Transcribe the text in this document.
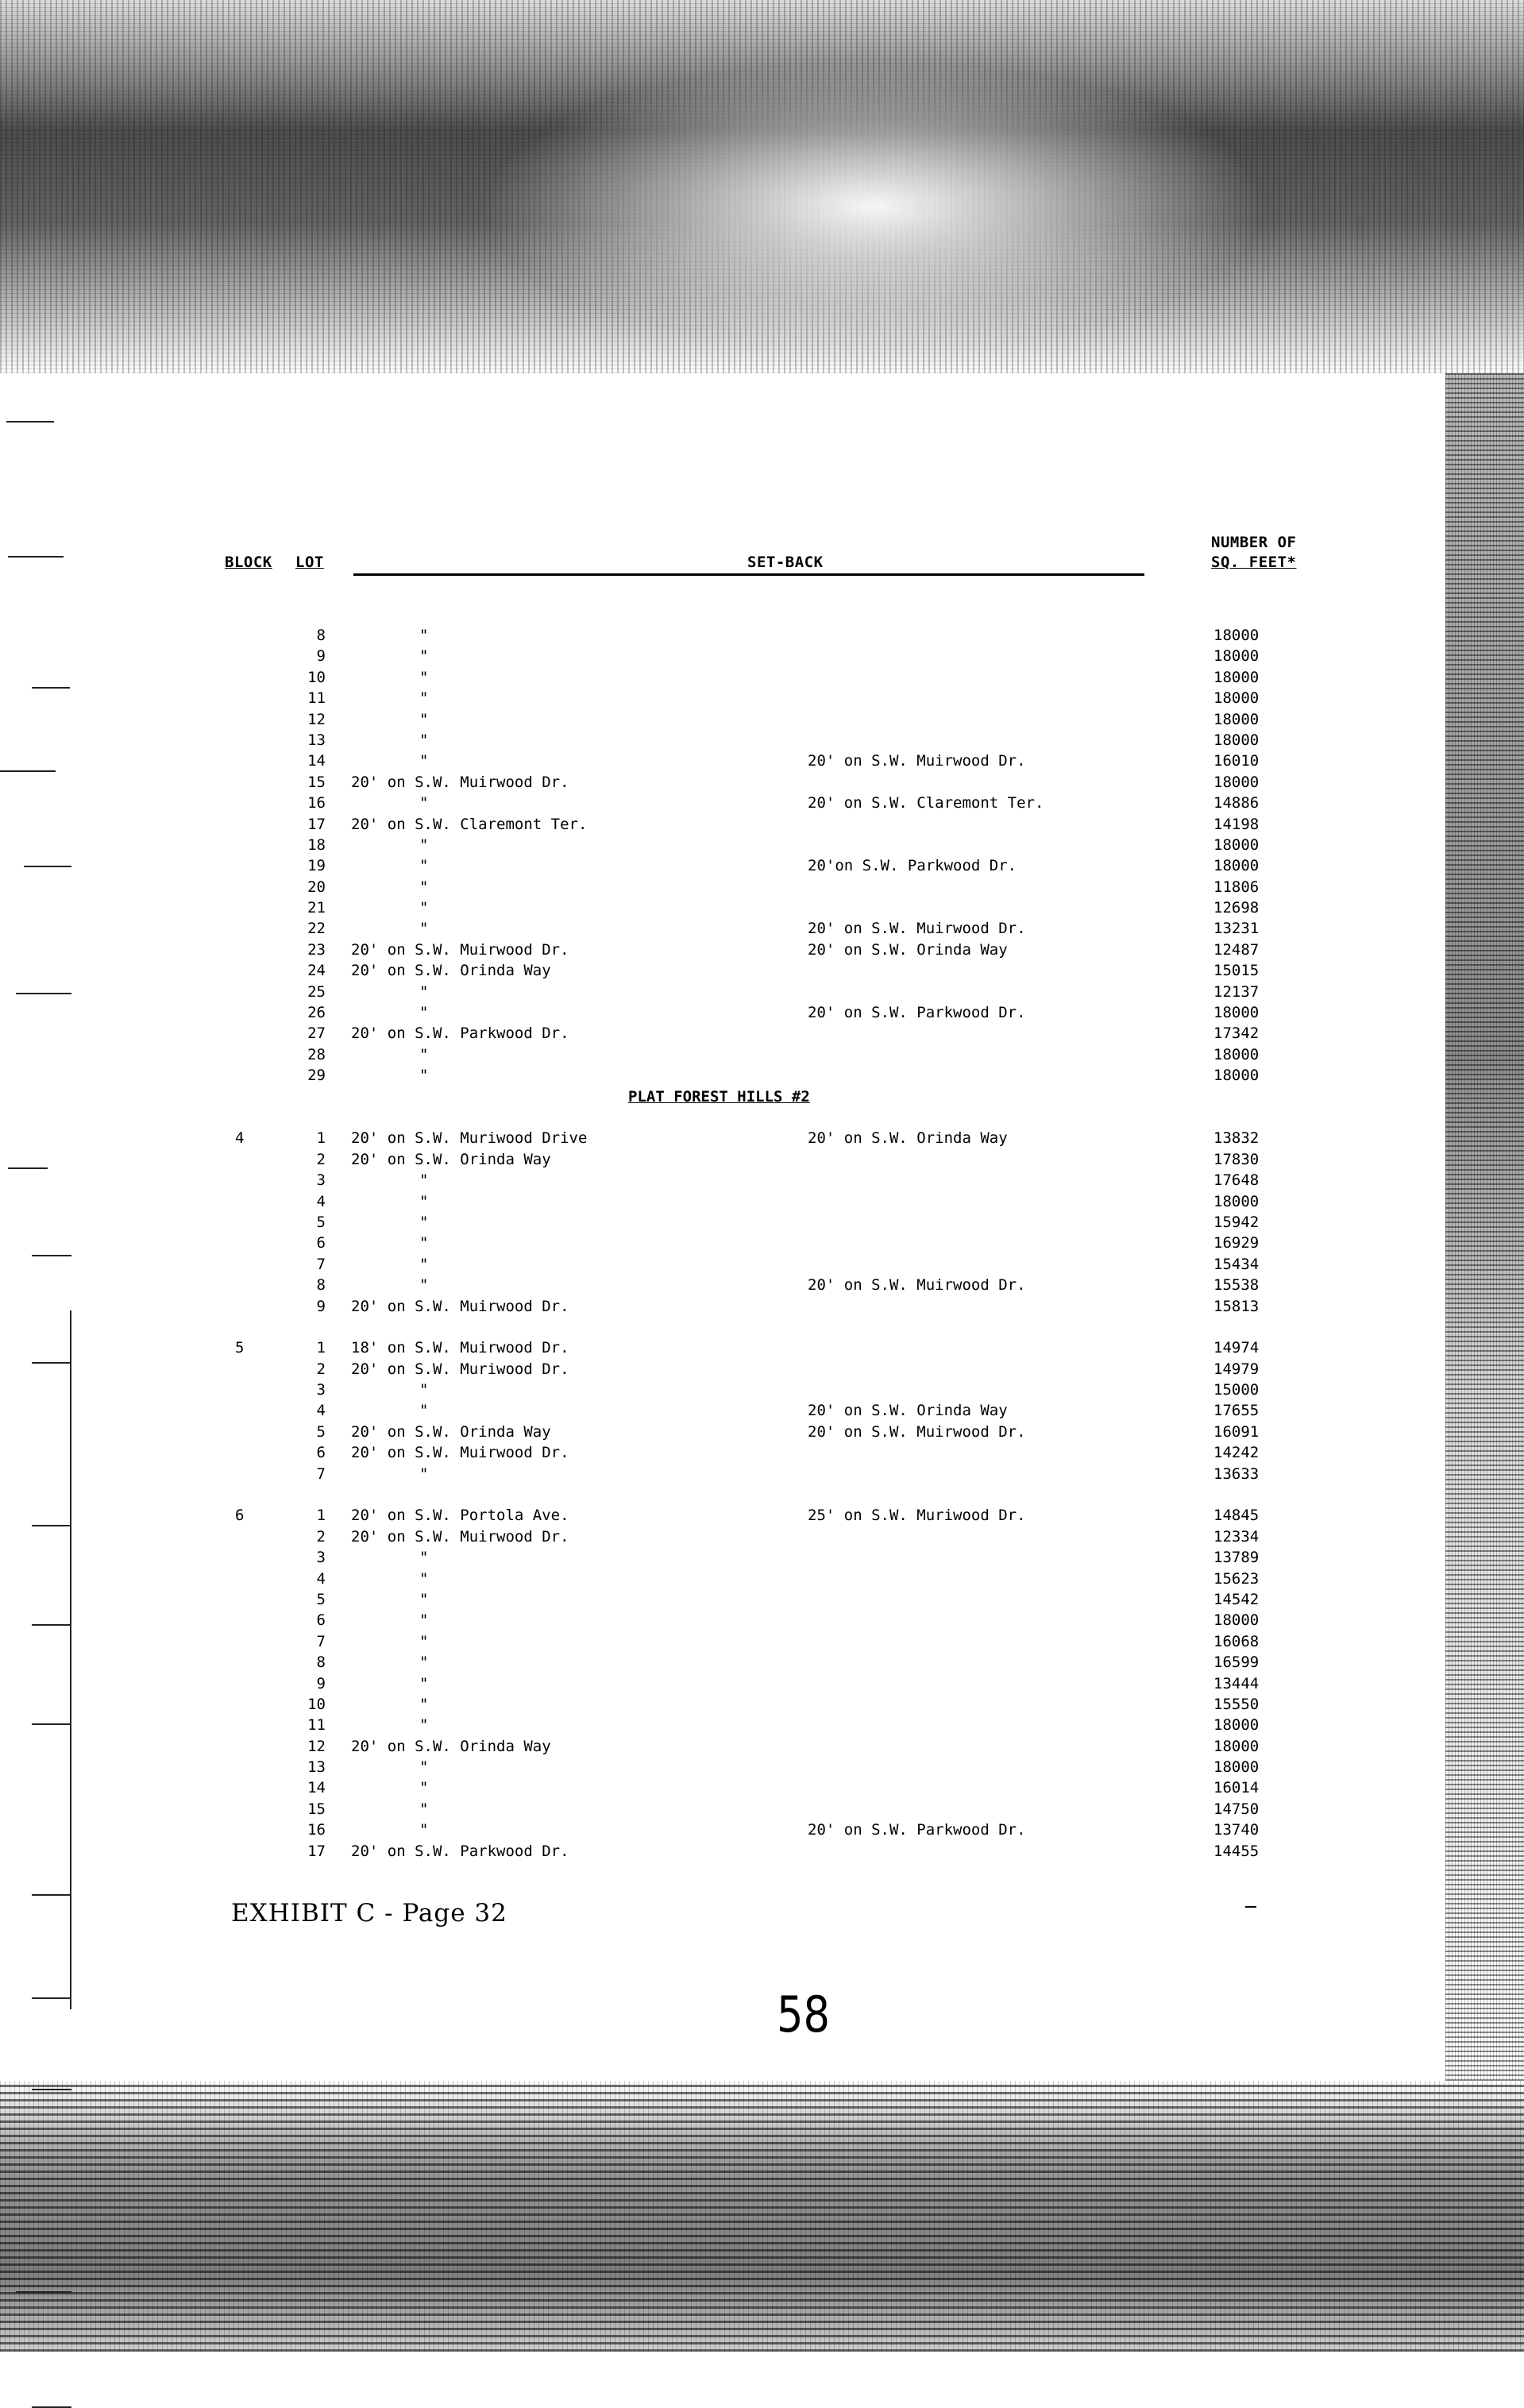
BLOCK LOT	SET-BACK
NUMBER OF
SQ. FEET*
8	"	18000
9	"	18000
10	"	18000
11	"	18000
12	"	18000
13	"	18000
14	"	20' on S.W. Muirwood Dr.	16010
15 20' on S.W. Muirwood Dr.	18000
16	"	20' on S.W. Claremont Ter.	14886
17 20' on S.W. Claremont Ter.	14198
18	"	18000
19	"	20'on S.W. Parkwood Dr.	18000
20	"	11806
21	"	12698
22	"	20' on S.W. Muirwood Dr.	13231
23 20' on S.W. Muirwood Dr.	20' on S.W. Orinda Way	12487
24 20' on S.W. Orinda Way	15015
25	"	12137
26	"	20' on S.W. Parkwood Dr.	18000
27 20' on S.W. Parkwood Dr.	17342
28	"	18000
29	"	18000
PLAT FOREST HILLS #2
4	1 20' on S.W. Muriwood Drive	20' on S.W. Orinda Way	13832
2 20' on S.W. Orinda Way	17830
3	"	17648
4	"	18000
5	"	15942
6	"	16929
7	"	15434
8	"	20' on S.W. Muirwood Dr.	15538
9 20' on S.W. Muirwood Dr.	15813
5	1 18' on S.W. Muirwood Dr.	14974
2 20' on S.W. Muriwood Dr.	14979
3	"	15000
4	"	20' on S.W. Orinda Way	17655
5 20' on S.W. Orinda Way	20' on S.W. Muirwood Dr.	16091
6 20' on S.W. Muirwood Dr.	14242
7	"	13633
6	1 20' on S.W. Portola Ave.	25' on S.W. Muriwood Dr.	14845
2 20' on S.W. Muirwood Dr.	12334
3	"	13789
4	"	15623
5	"	14542
6	"	18000
7	"	16068
8	"	16599
9	"	13444
10	"	15550
11	"	18000
12 20' on S.W. Orinda Way	18000
13	"	18000
14	"	16014
15	"	14750
16	"	20' on S.W. Parkwood Dr.	13740
17 20' on S.W. Parkwood Dr.	14455
EXHIBIT C - Page 32
58
